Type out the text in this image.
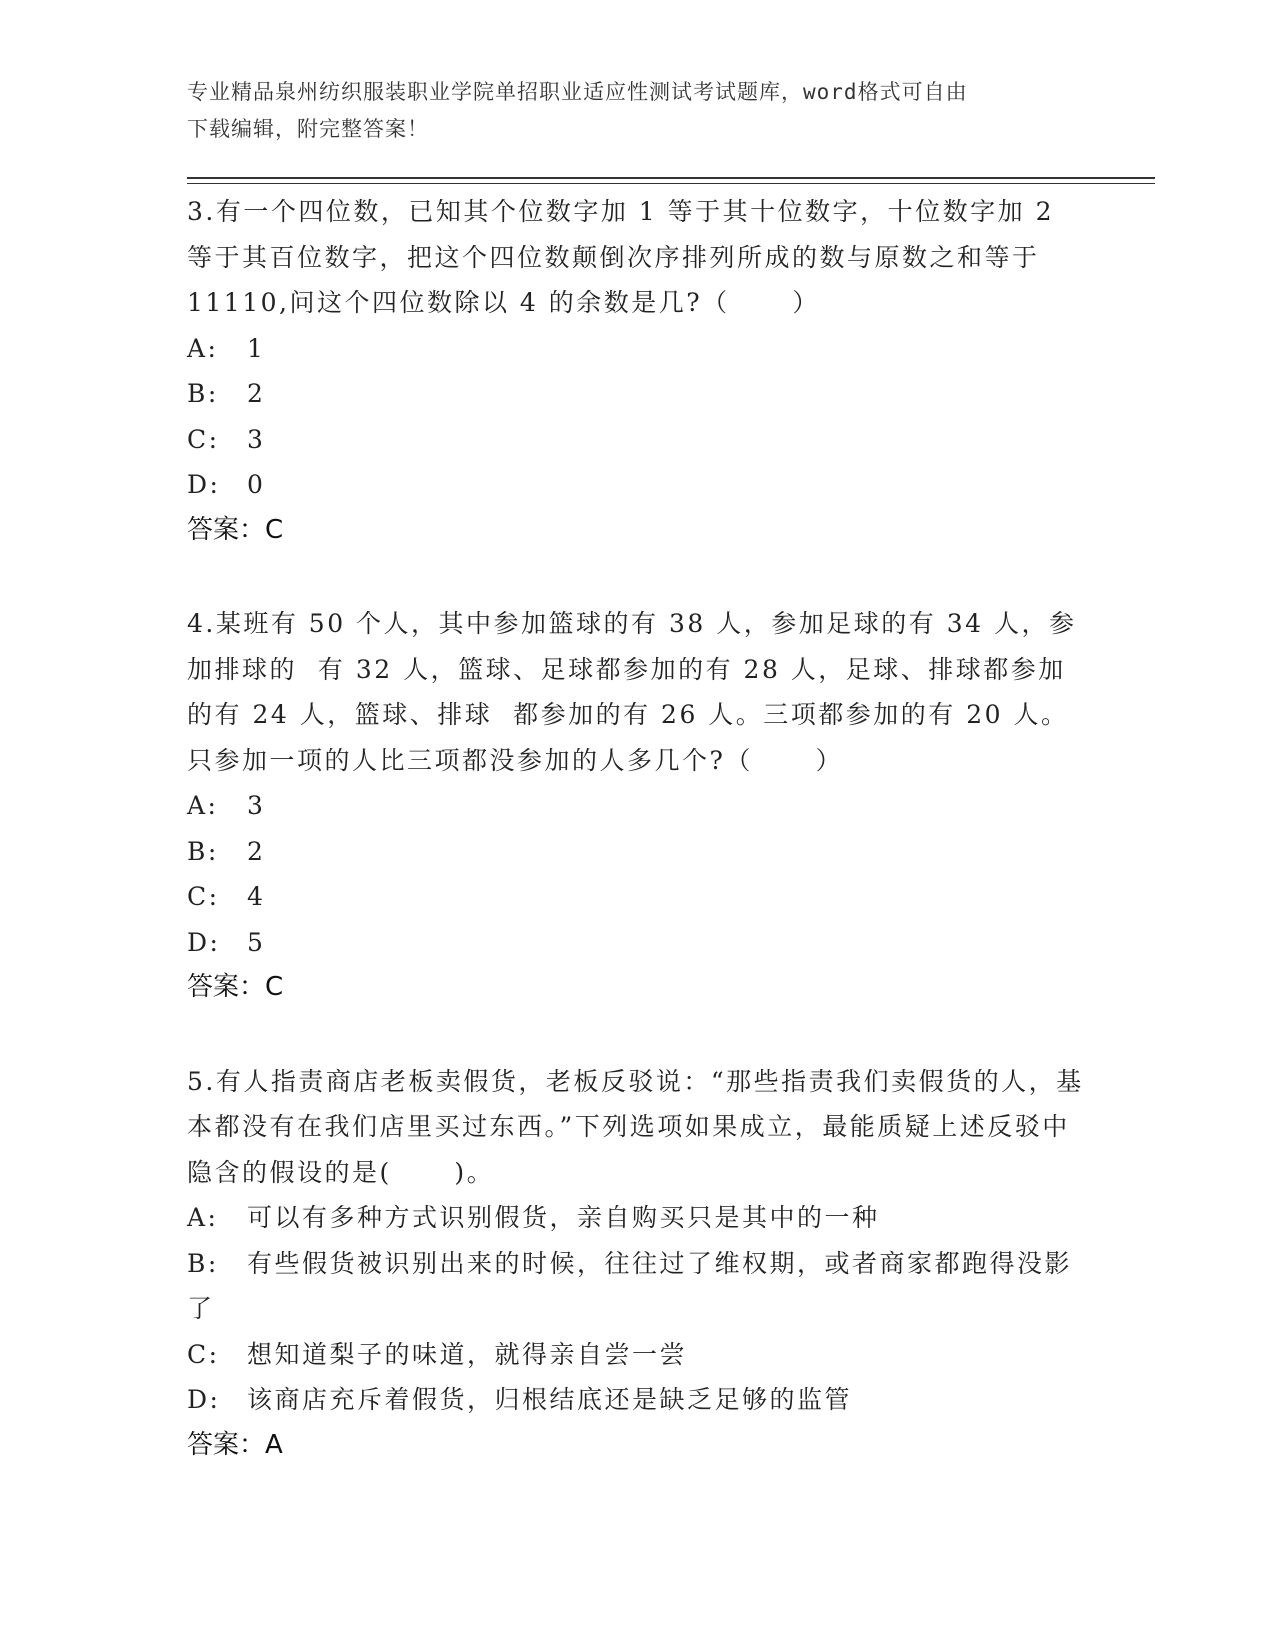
专业精品泉州纺织服装职业学院单招职业适应性测试考试题库，word格式可自由
下载编辑，附完整答案！
3.有一个四位数，已知其个位数字加 1 等于其十位数字，十位数字加 2 等于其百位数字，把这个四位数颠倒次序排列所成的数与原数之和等于 11110,问这个四位数除以 4 的余数是几?（      ）
A:	1
B:	2
C:	3
D:	0
答案：C
4.某班有 50 个人，其中参加篮球的有 38 人，参加足球的有 34 人，参加排球的  有 32 人，篮球、足球都参加的有 28 人，足球、排球都参加的有 24 人，篮球、排球  都参加的有 26 人。三项都参加的有 20 人。只参加一项的人比三项都没参加的人多几个?（      ）
A:	3
B:	2
C:	4
D:	5
答案：C
5.有人指责商店老板卖假货，老板反驳说：“那些指责我们卖假货的人，基本都没有在我们店里买过东西。”下列选项如果成立，最能质疑上述反驳中隐含的假设的是(      )。
A:	可以有多种方式识别假货，亲自购买只是其中的一种
B: 有些假货被识别出来的时候，往往过了维权期，或者商家都跑得没影了
C:	想知道梨子的味道，就得亲自尝一尝
D:	该商店充斥着假货，归根结底还是缺乏足够的监管
答案：A
